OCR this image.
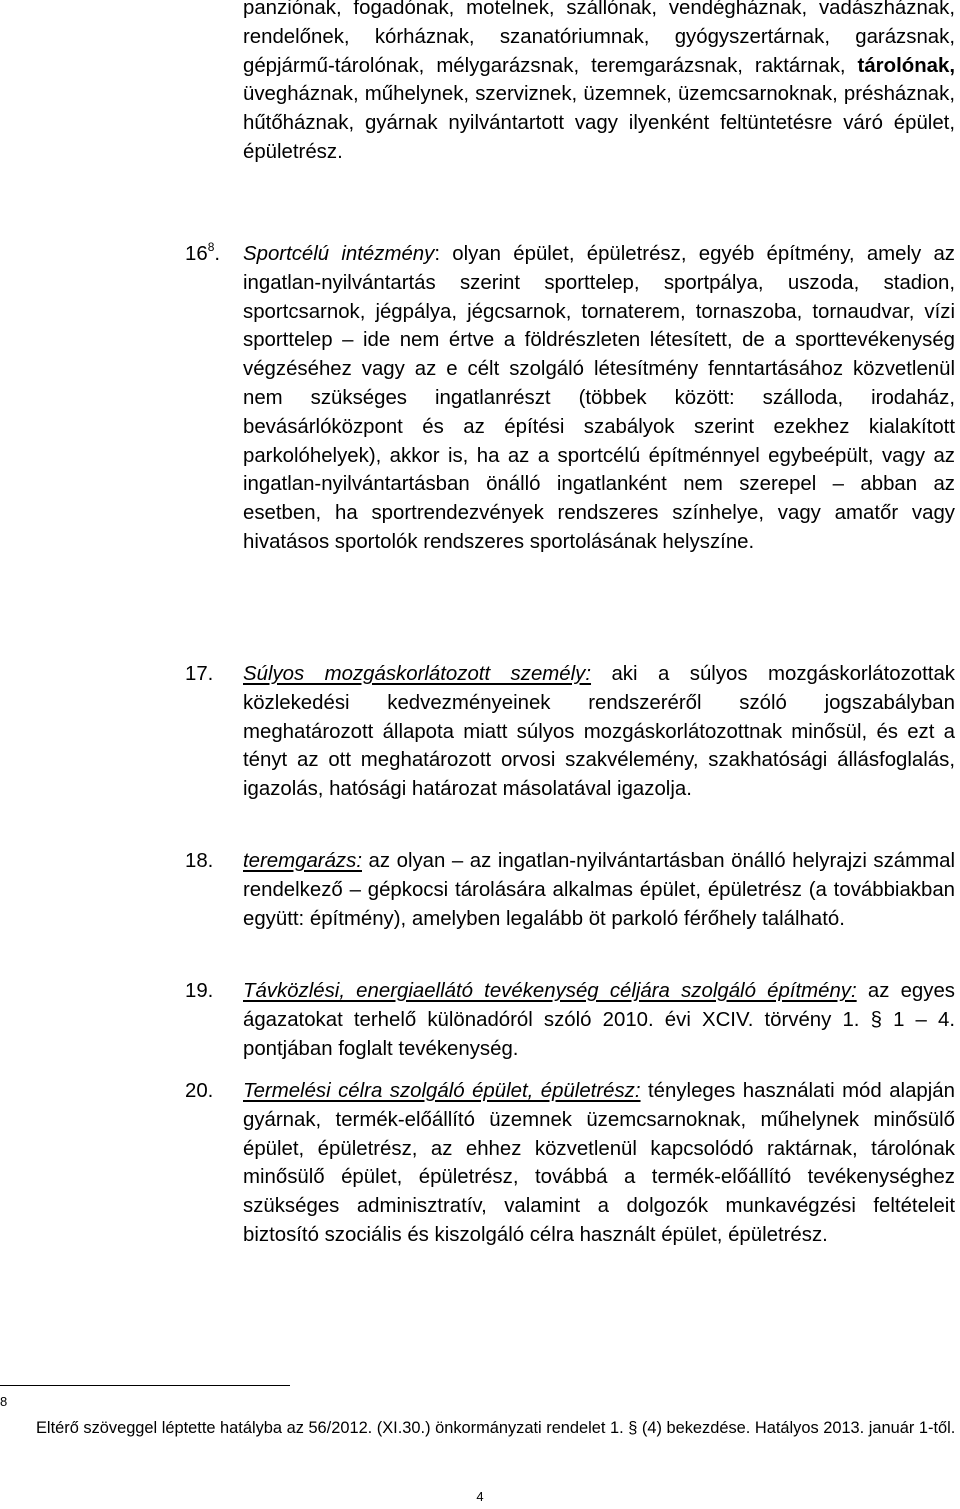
panziónak, fogadónak, motelnek, szállónak, vendégháznak, vadászháznak, rendelőnek, kórháznak, szanatóriumnak, gyógyszertárnak, garázsnak, gépjármű-tárolónak, mélygarázsnak, teremgarázsnak, raktárnak, tárolónak, üvegháznak, műhelynek, szerviznek, üzemnek, üzemcsarnoknak, présháznak, hűtőháznak, gyárnak nyilvántartott vagy ilyenként feltüntetésre váró épület, épületrész.
$16^8$.	Sportcélú intézmény: olyan épület, épületrész, egyéb építmény, amely az ingatlan-nyilvántartás szerint sporttelep, sportpálya, uszoda, stadion, sportcsarnok, jégpálya, jégcsarnok, tornaterem, tornaszoba, tornaudvar, vízi sporttelep – ide nem értve a földrészleten létesített, de a sporttevékenység végzéséhez vagy az e célt szolgáló létesítmény fenntartásához közvetlenül nem szükséges ingatlanrészt (többek között: szálloda, irodaház, bevásárlóközpont és az építési szabályok szerint ezekhez kialakított parkolóhelyek), akkor is, ha az a sportcélú építménnyel egybeépült, vagy az ingatlan-nyilvántartásban önálló ingatlanként nem szerepel – abban az esetben, ha sportrendezvények rendszeres színhelye, vagy amatőr vagy hivatásos sportolók rendszeres sportolásának helyszíne.
17.	Súlyos mozgáskorlátozott személy: aki a súlyos mozgáskorlátozottak közlekedési kedvezményeinek rendszeréről szóló jogszabályban meghatározott állapota miatt súlyos mozgáskorlátozottnak minősül, és ezt a tényt az ott meghatározott orvosi szakvélemény, szakhatósági állásfoglalás, igazolás, hatósági határozat másolatával igazolja.
18.	teremgarázs: az olyan – az ingatlan-nyilvántartásban önálló helyrajzi számmal rendelkező – gépkocsi tárolására alkalmas épület, épületrész (a továbbiakban együtt: építmény), amelyben legalább öt parkoló férőhely található.
19.	Távközlési, energiaellátó tevékenység céljára szolgáló építmény: az egyes ágazatokat terhelő különadóról szóló 2010. évi XCIV. törvény 1. § 1 – 4. pontjában foglalt tevékenység.
20.	Termelési célra szolgáló épület, épületrész: tényleges használati mód alapján gyárnak, termék-előállító üzemnek üzemcsarnoknak, műhelynek minősülő épület, épületrész, az ehhez közvetlenül kapcsolódó raktárnak, tárolónak minősülő épület, épületrész, továbbá a termék-előállító tevékenységhez szükséges adminisztratív, valamint a dolgozók munkavégzési feltételeit biztosító szociális és kiszolgáló célra használt épület, épületrész.
8
Eltérő szöveggel léptette hatályba az 56/2012. (XI.30.) önkormányzati rendelet 1. § (4) bekezdése. Hatályos 2013. január 1-től.
4
